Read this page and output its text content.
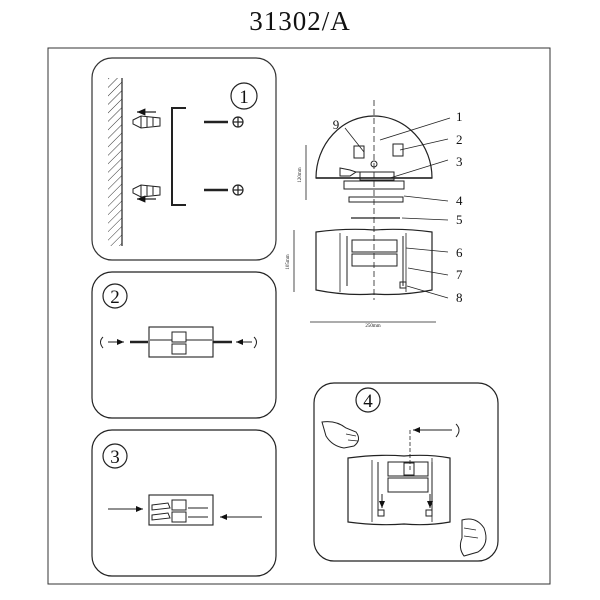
31302/A
1
9
1
2
3
4
5
6
7
8
120mm
105mm
250mm
2
3
4
